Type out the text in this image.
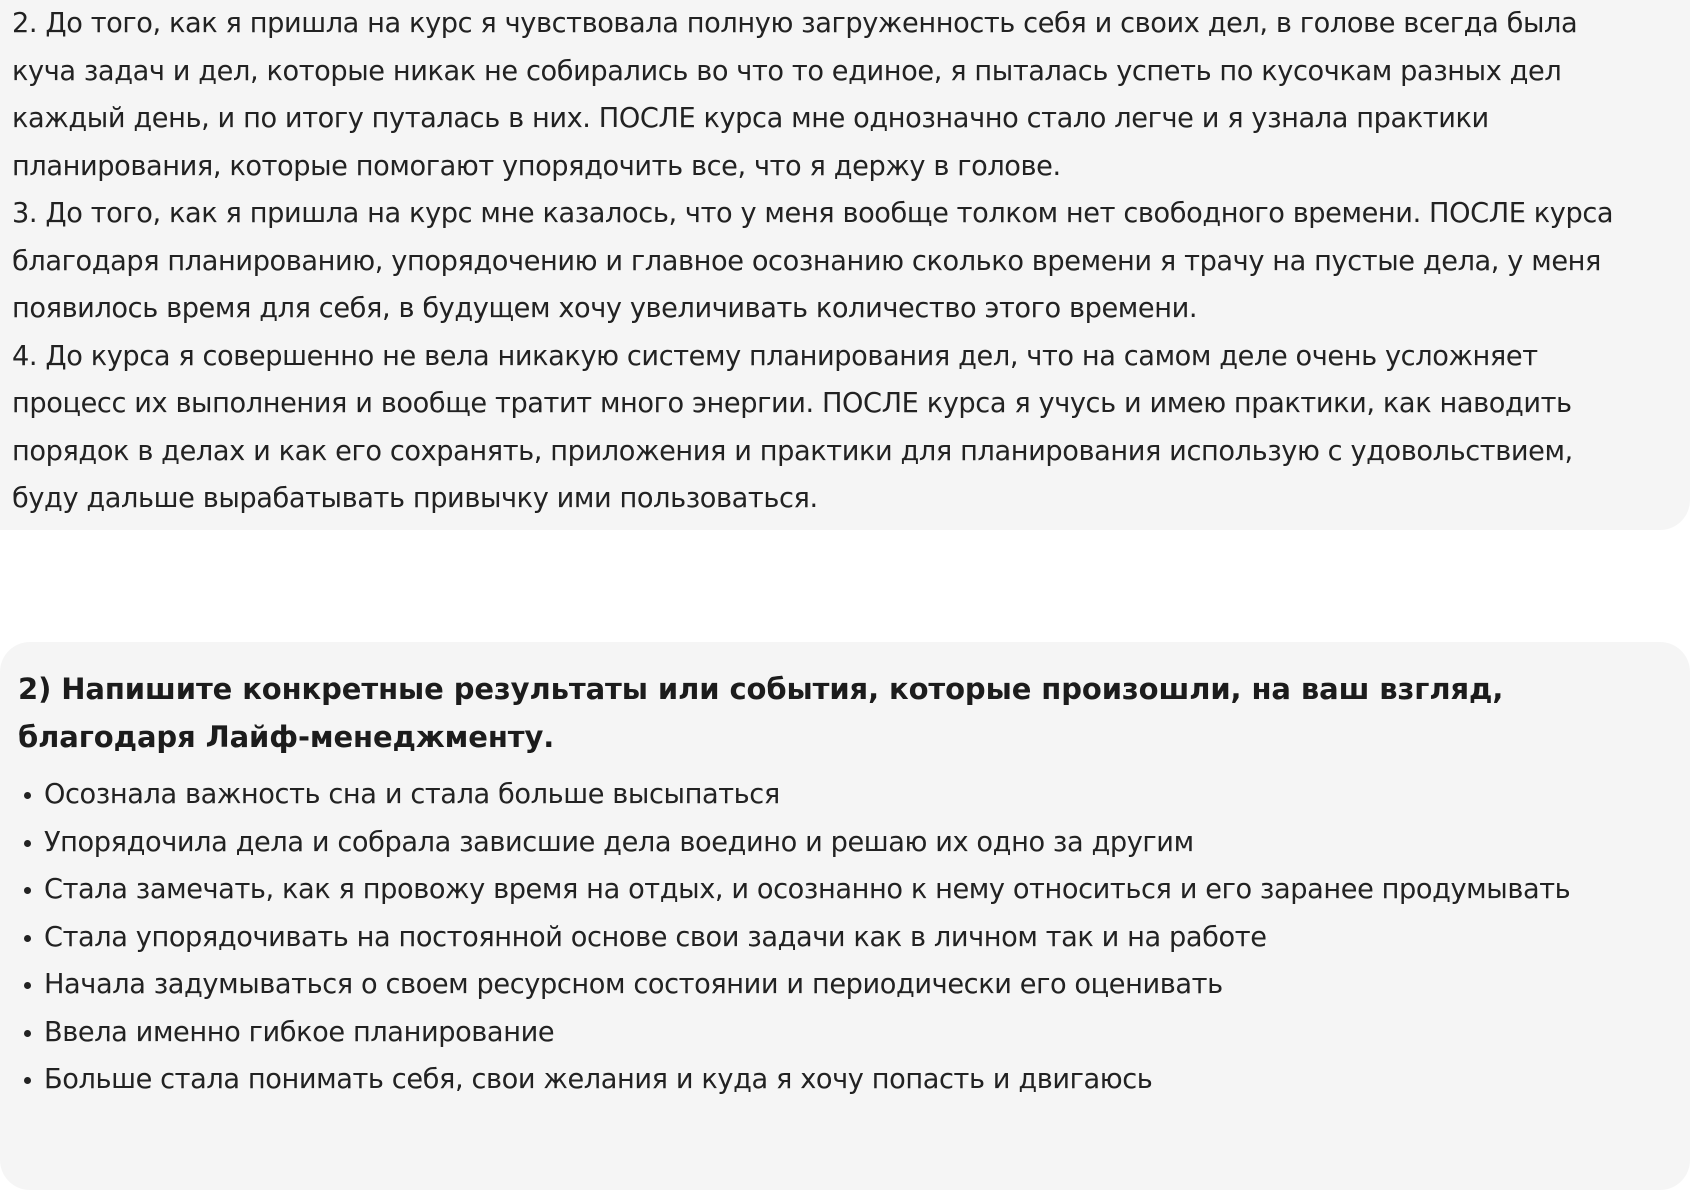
2. До того, как я пришла на курс я чувствовала полную загруженность себя и своих дел, в голове всегда была куча задач и дел, которые никак не собирались во что то единое, я пыталась успеть по кусочкам разных дел каждый день, и по итогу путалась в них. ПОСЛЕ курса мне однозначно стало легче и я узнала практики планирования, которые помогают упорядочить все, что я держу в голове.

3. До того, как я пришла на курс мне казалось, что у меня вообще толком нет свободного времени. ПОСЛЕ курса благодаря планированию, упорядочению и главное осознанию сколько времени я трачу на пустые дела, у меня появилось время для себя, в будущем хочу увеличивать количество этого времени.

4. До курса я совершенно не вела никакую систему планирования дел, что на самом деле очень усложняет процесс их выполнения и вообще тратит много энергии. ПОСЛЕ курса я учусь и имею практики, как наводить порядок в делах и как его сохранять, приложения и практики для планирования использую с удовольствием, буду дальше вырабатывать привычку ими пользоваться.

2) Напишите конкретные результаты или события, которые произошли, на ваш взгляд, благодаря Лайф-менеджменту.

Осознала важность сна и стала больше высыпаться
Упорядочила дела и собрала зависшие дела воедино и решаю их одно за другим
Стала замечать, как я провожу время на отдых, и осознанно к нему относиться и его заранее продумывать
Стала упорядочивать на постоянной основе свои задачи как в личном так и на работе
Начала задумываться о своем ресурсном состоянии и периодически его оценивать
Ввела именно гибкое планирование
Больше стала понимать себя, свои желания и куда я хочу попасть и двигаюсь
